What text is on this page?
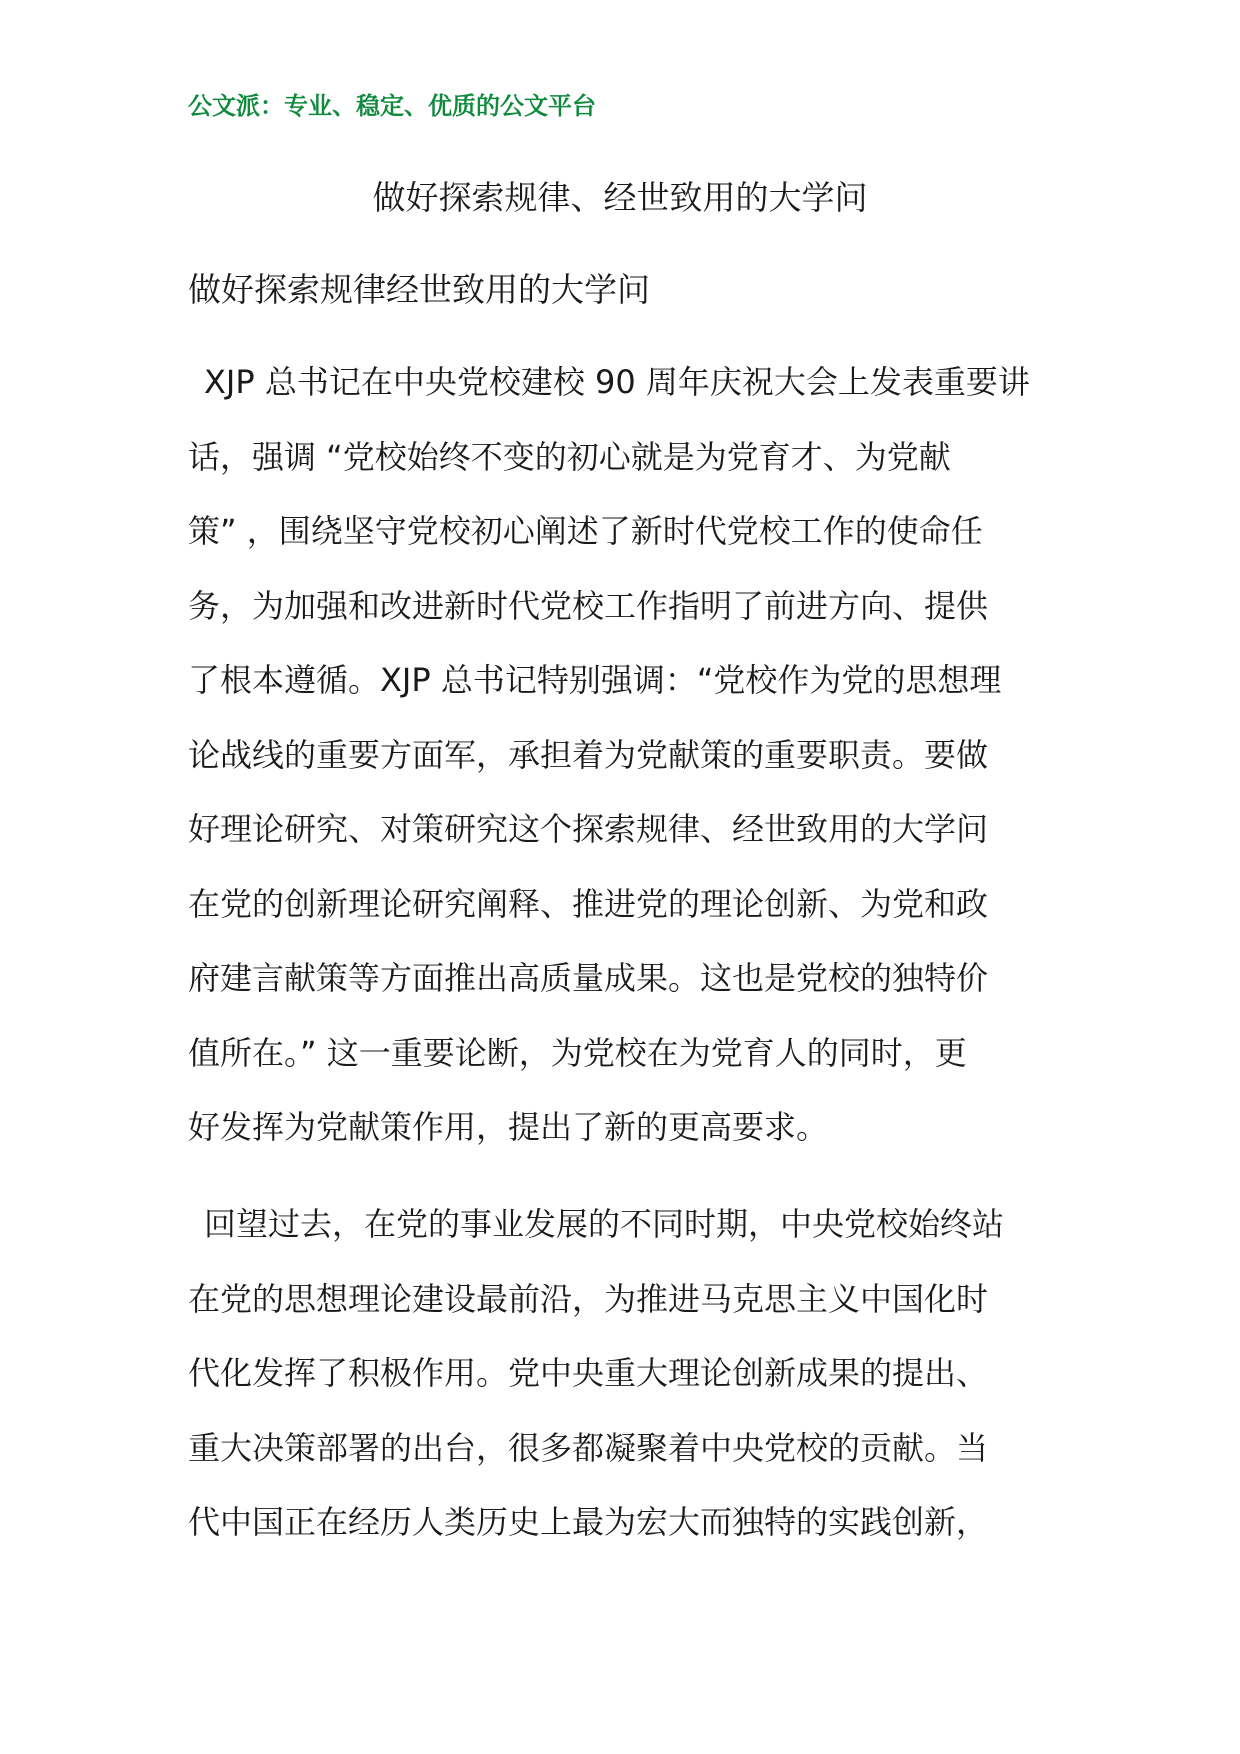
公文派：专业、稳定、优质的公文平台
做好探索规律、经世致用的大学问
做好探索规律经世致用的大学问
XJP 总书记在中央党校建校 90 周年庆祝大会上发表重要讲
话，强调 “党校始终不变的初心就是为党育才、为党献
策” ，围绕坚守党校初心阐述了新时代党校工作的使命任
务，为加强和改进新时代党校工作指明了前进方向、提供
了根本遵循。XJP 总书记特别强调：“党校作为党的思想理
论战线的重要方面军，承担着为党献策的重要职责。要做
好理论研究、对策研究这个探索规律、经世致用的大学问
在党的创新理论研究阐释、推进党的理论创新、为党和政
府建言献策等方面推出高质量成果。这也是党校的独特价
值所在。” 这一重要论断，为党校在为党育人的同时，更
好发挥为党献策作用，提出了新的更高要求。
回望过去，在党的事业发展的不同时期，中央党校始终站
在党的思想理论建设最前沿，为推进马克思主义中国化时
代化发挥了积极作用。党中央重大理论创新成果的提出、
重大决策部署的出台，很多都凝聚着中央党校的贡献。当
代中国正在经历人类历史上最为宏大而独特的实践创新，
